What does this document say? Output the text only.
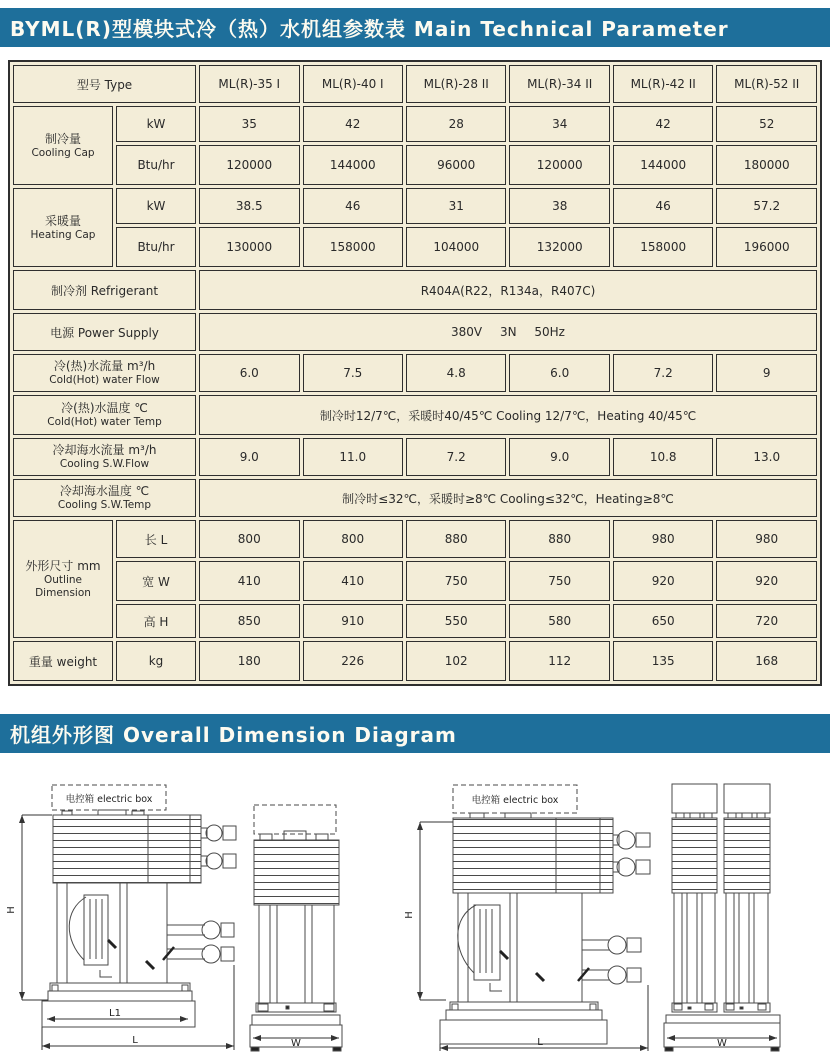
BYML(R)型模块式冷（热）水机组参数表 Main Technical Parameter
型号 Type		ML(R)-35 I	ML(R)-40 I	ML(R)-28 II	ML(R)-34 II	ML(R)-42 II	ML(R)-52 II

制冷量
Cooling Cap	kW	35	42	28	34	42	52
	Btu/hr	120000	144000	96000	120000	144000	180000

采暖量
Heating Cap	kW	38.5	46	31	38	46	57.2
	Btu/hr	130000	158000	104000	132000	158000	196000
制冷剂 Refrigerant		R404A(R22，R134a，R407C)					
电源 Power Supply		380V 3N 50Hz					

冷(热)水流量 m³/h
Cold(Hot) water Flow		6.0	7.5	4.8	6.0	7.2	9

冷(热)水温度 ℃
Cold(Hot) water Temp		制冷时12/7℃，采暖时40/45℃ Cooling 12/7℃，Heating 40/45℃					

冷却海水流量 m³/h
Cooling S.W.Flow		9.0	11.0	7.2	9.0	10.8	13.0

冷却海水温度 ℃
Cooling S.W.Temp		制冷时≤32℃，采暖时≥8℃ Cooling≤32℃，Heating≥8℃					

外形尺寸 mm
Outline Dimension	长 L	800	800	880	880	980	980
	宽 W	410	410	750	750	920	920
	高 H	850	910	550	580	650	720
重量 weight	kg	180	226	102	112	135	168
机组外形图 Overall Dimension Diagram
H
L1
L
电控箱 electric box
W
H
L
电控箱 electric box
W
